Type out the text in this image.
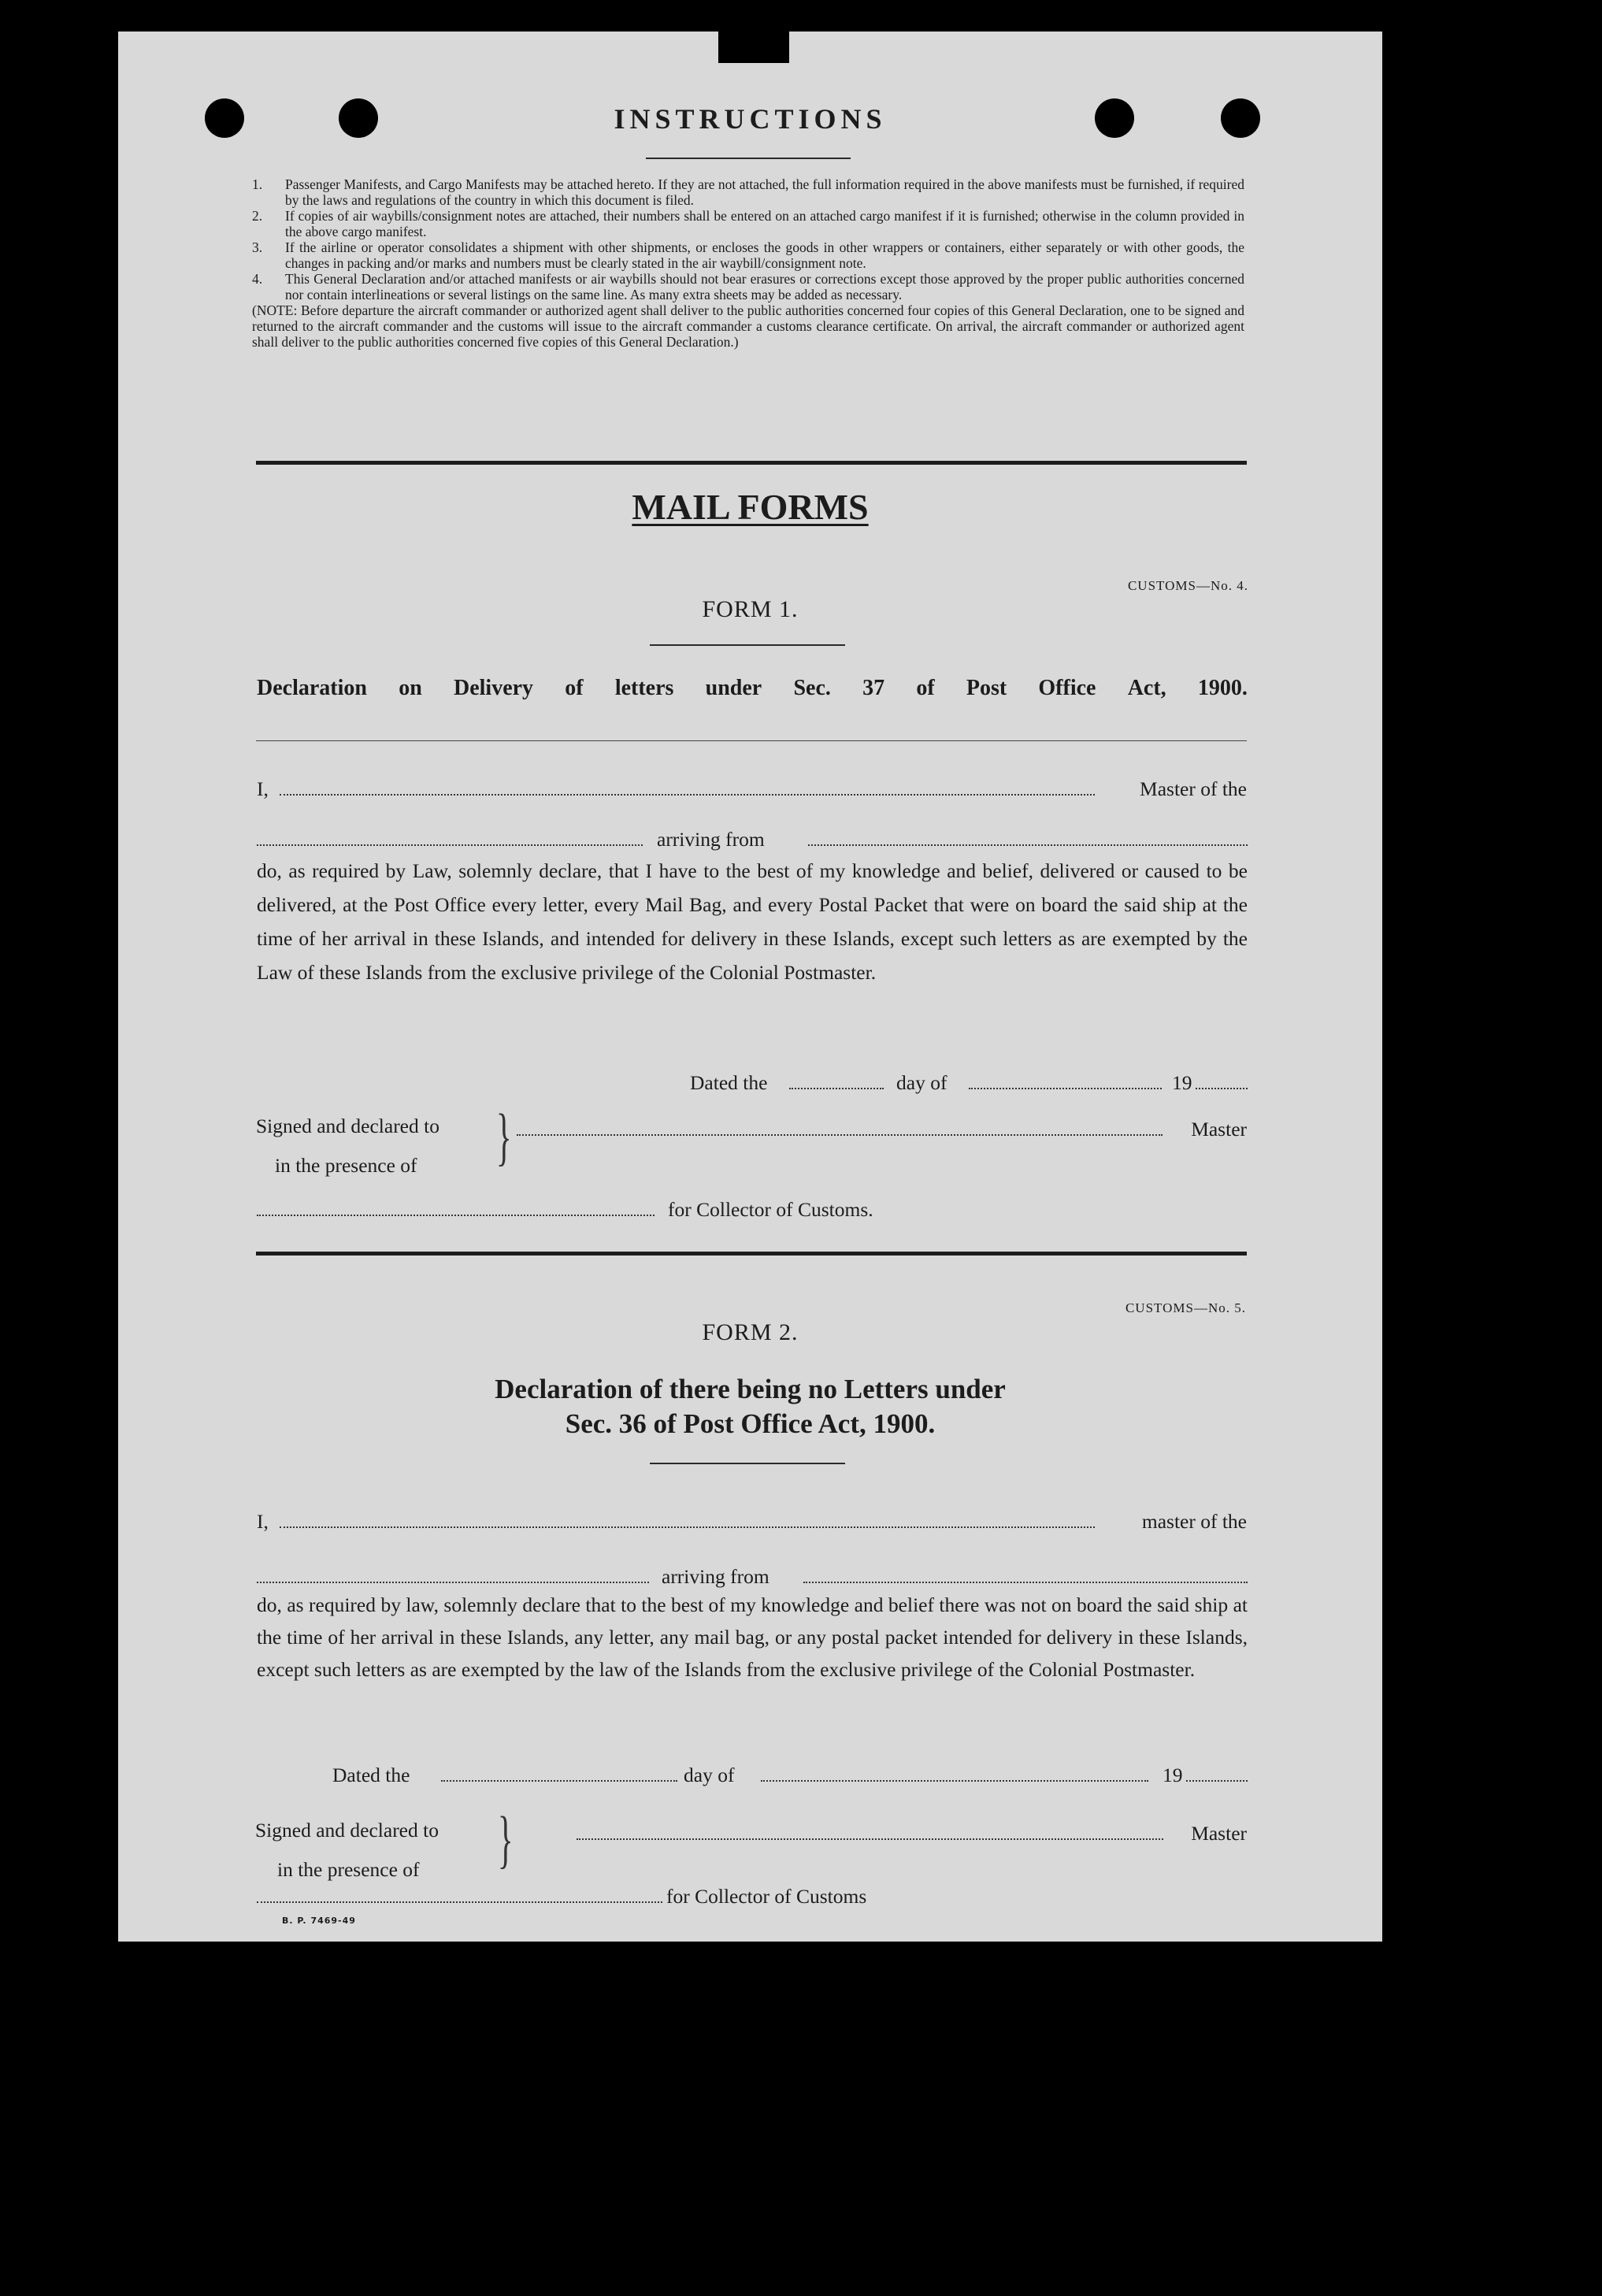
INSTRUCTIONS
1. Passenger Manifests, and Cargo Manifests may be attached hereto. If they are not attached, the full information required in the above manifests must be furnished, if required by the laws and regulations of the country in which this document is filed.
2. If copies of air waybills/consignment notes are attached, their numbers shall be entered on an attached cargo manifest if it is furnished; otherwise in the column provided in the above cargo manifest.
3. If the airline or operator consolidates a shipment with other shipments, or encloses the goods in other wrappers or containers, either separately or with other goods, the changes in packing and/or marks and numbers must be clearly stated in the air waybill/consignment note.
4. This General Declaration and/or attached manifests or air waybills should not bear erasures or corrections except those approved by the proper public authorities concerned nor contain interlineations or several listings on the same line. As many extra sheets may be added as necessary.
(NOTE: Before departure the aircraft commander or authorized agent shall deliver to the public authorities concerned four copies of this General Declaration, one to be signed and returned to the aircraft commander and the customs will issue to the aircraft commander a customs clearance certificate. On arrival, the aircraft commander or authorized agent shall deliver to the public authorities concerned five copies of this General Declaration.)
MAIL FORMS
CUSTOMS—No. 4.
FORM 1.
Declaration on Delivery of letters under Sec. 37 of Post Office Act, 1900.
I,	Master of the
arriving from
do, as required by Law, solemnly declare, that I have to the best of my knowledge and belief, delivered or caused to be delivered, at the Post Office every letter, every Mail Bag, and every Postal Packet that were on board the said ship at the time of her arrival in these Islands, and intended for delivery in these Islands, except such letters as are exempted by the Law of these Islands from the exclusive privilege of the Colonial Postmaster.
Dated the	day of	19
Signed and declared to
in the presence of	}	Master
for Collector of Customs.
CUSTOMS—No. 5.
FORM 2.
Declaration of there being no Letters under
Sec. 36 of Post Office Act, 1900.
I,	master of the
arriving from
do, as required by law, solemnly declare that to the best of my knowledge and belief there was not on board the said ship at the time of her arrival in these Islands, any letter, any mail bag, or any postal packet intended for delivery in these Islands, except such letters as are exempted by the law of the Islands from the exclusive privilege of the Colonial Postmaster.
Dated the	day of	19
Signed and declared to
in the presence of }	Master
for Collector of Customs
B. P. 7469-49
